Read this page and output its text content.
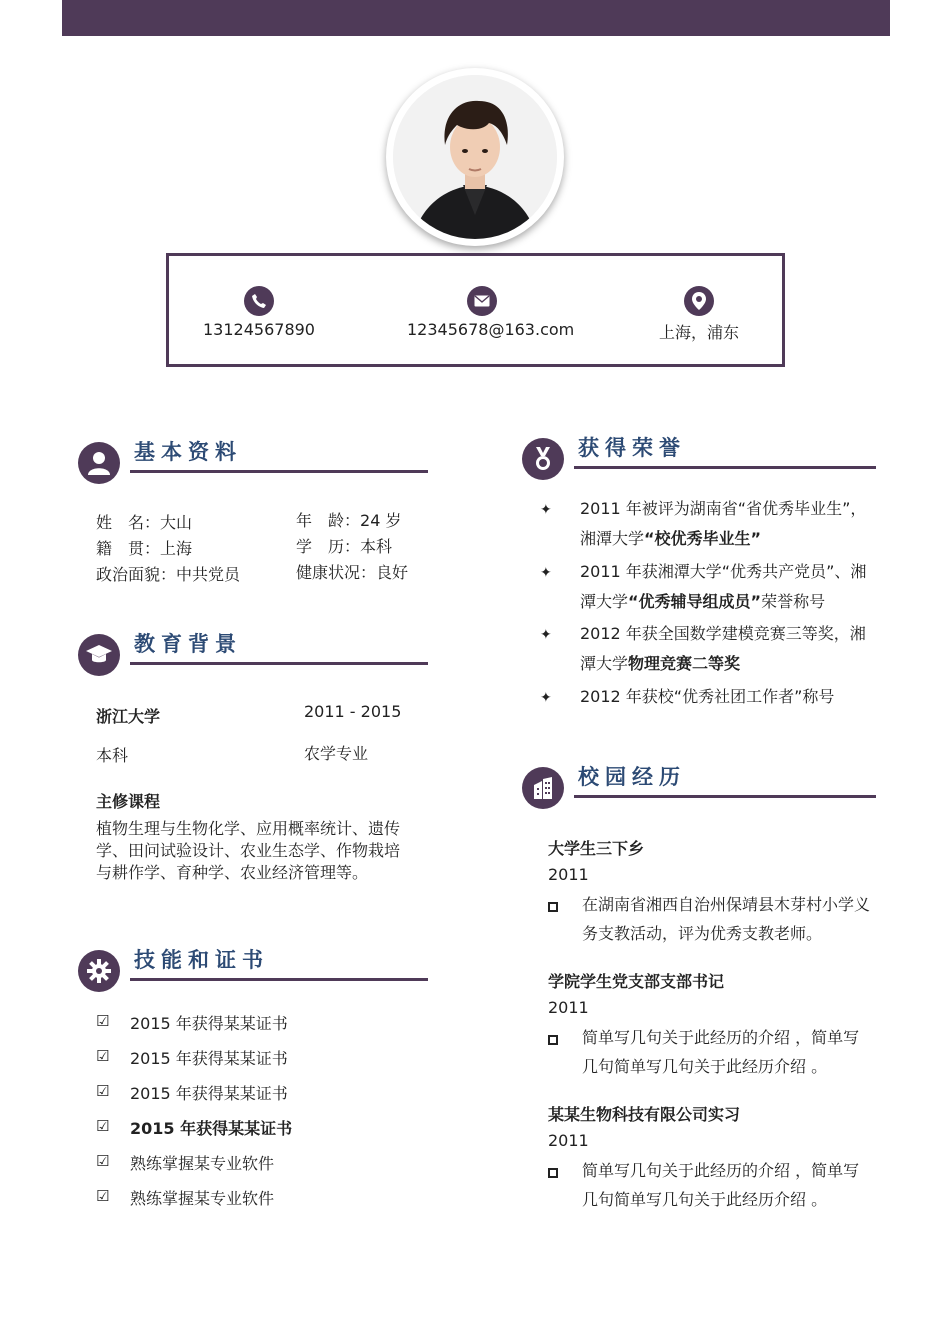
13124567890	12345678@163.com	上海，浦东
基本资料
姓　名：大山	年　龄：24 岁
籍　贯：上海	学　历：本科
政治面貌：中共党员	健康状况：良好
教育背景
浙江大学	2011 - 2015
本科	农学专业
主修课程
植物生理与生物化学、应用概率统计、遗传学、田问试验设计、农业生态学、作物栽培与耕作学、育种学、农业经济管理等。
技能和证书
☑ 2015 年获得某某证书
☑ 2015 年获得某某证书
☑ 2015 年获得某某证书
☑ 2015 年获得某某证书
☑ 熟练掌握某专业软件
☑ 熟练掌握某专业软件
获得荣誉
✦ 2011 年被评为湖南省“省优秀毕业生”，湘潭大学“校优秀毕业生”
✦ 2011 年获湘潭大学“优秀共产党员”、湘潭大学“优秀辅导组成员”荣誉称号
✦ 2012 年获全国数学建模竞赛三等奖，湘潭大学物理竞赛二等奖
✦ 2012 年获校“优秀社团工作者”称号
校园经历
大学生三下乡
2011
在湖南省湘西自治州保靖县木芽村小学义 务支教活动，评为优秀支教老师。
学院学生党支部支部书记
2011
简单写几句关于此经历的介绍 ，简单写几句简单写几句关于此经历介绍 。
某某生物科技有限公司实习
2011
简单写几句关于此经历的介绍 ，简单写几句简单写几句关于此经历介绍 。
